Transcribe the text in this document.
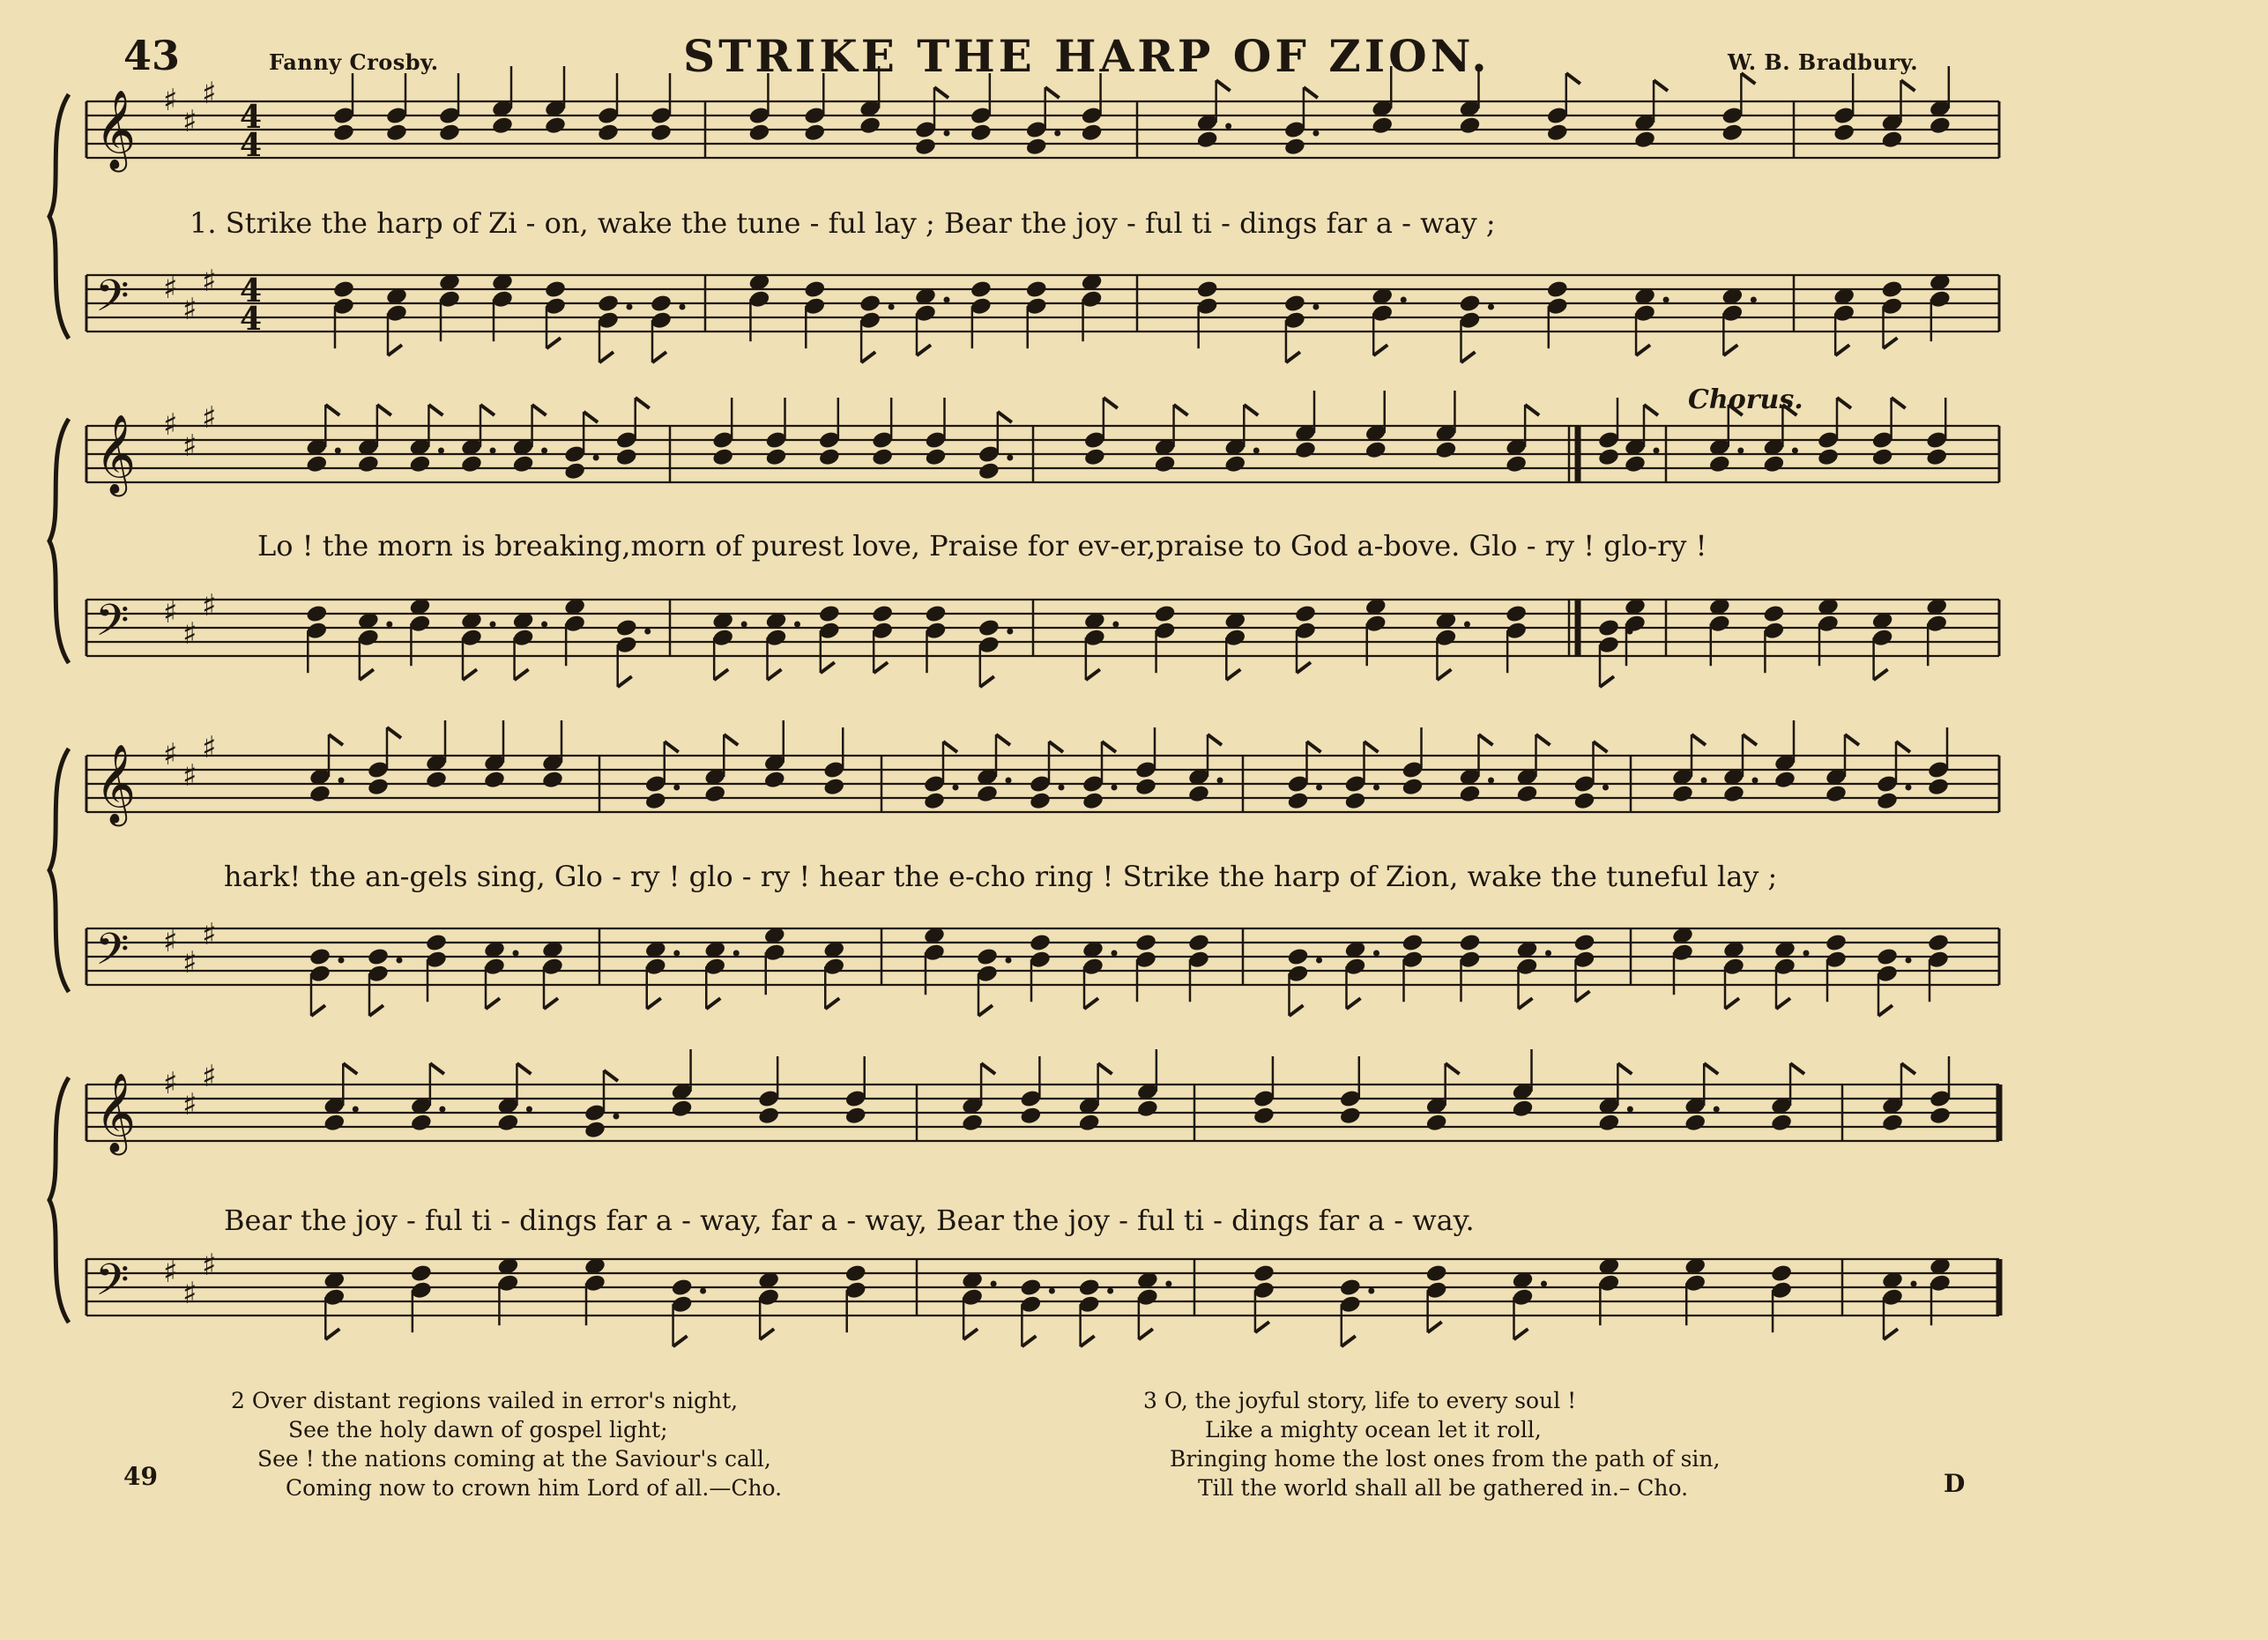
43	Fanny Crosby.	STRIKE THE HARP OF ZION.	W. B. Bradbury.
𝄞 ♯
♯
♯
4
4
𝄢 ♯
♯
♯ 4
4
𝄞 ♯
♯
♯
𝄢 ♯
♯
♯
𝄞 ♯
♯
♯
𝄢 ♯
♯
♯
𝄞 ♯
♯
♯
𝄢 ♯
♯
♯
1. Strike the harp of Zi - on, wake the tune - ful lay ; Bear the joy - ful ti - dings far a - way ;
Lo ! the morn is breaking,morn of purest love, Praise for ev-er,praise to God a-bove. Glo - ry ! glo-ry !
hark! the an-gels sing, Glo - ry ! glo - ry ! hear the e-cho ring ! Strike the harp of Zion, wake the tuneful lay ;
Bear the joy - ful ti - dings far a - way, far a - way, Bear the joy - ful ti - dings far a - way.
Chorus.
2 Over distant regions vailed in error's night,
See the holy dawn of gospel light;
See ! the nations coming at the Saviour's call,
Coming now to crown him Lord of all.—Cho.
3 O, the joyful story, life to every soul !
Like a mighty ocean let it roll,
Bringing home the lost ones from the path of sin,
Till the world shall all be gathered in.– Cho.
49	D
